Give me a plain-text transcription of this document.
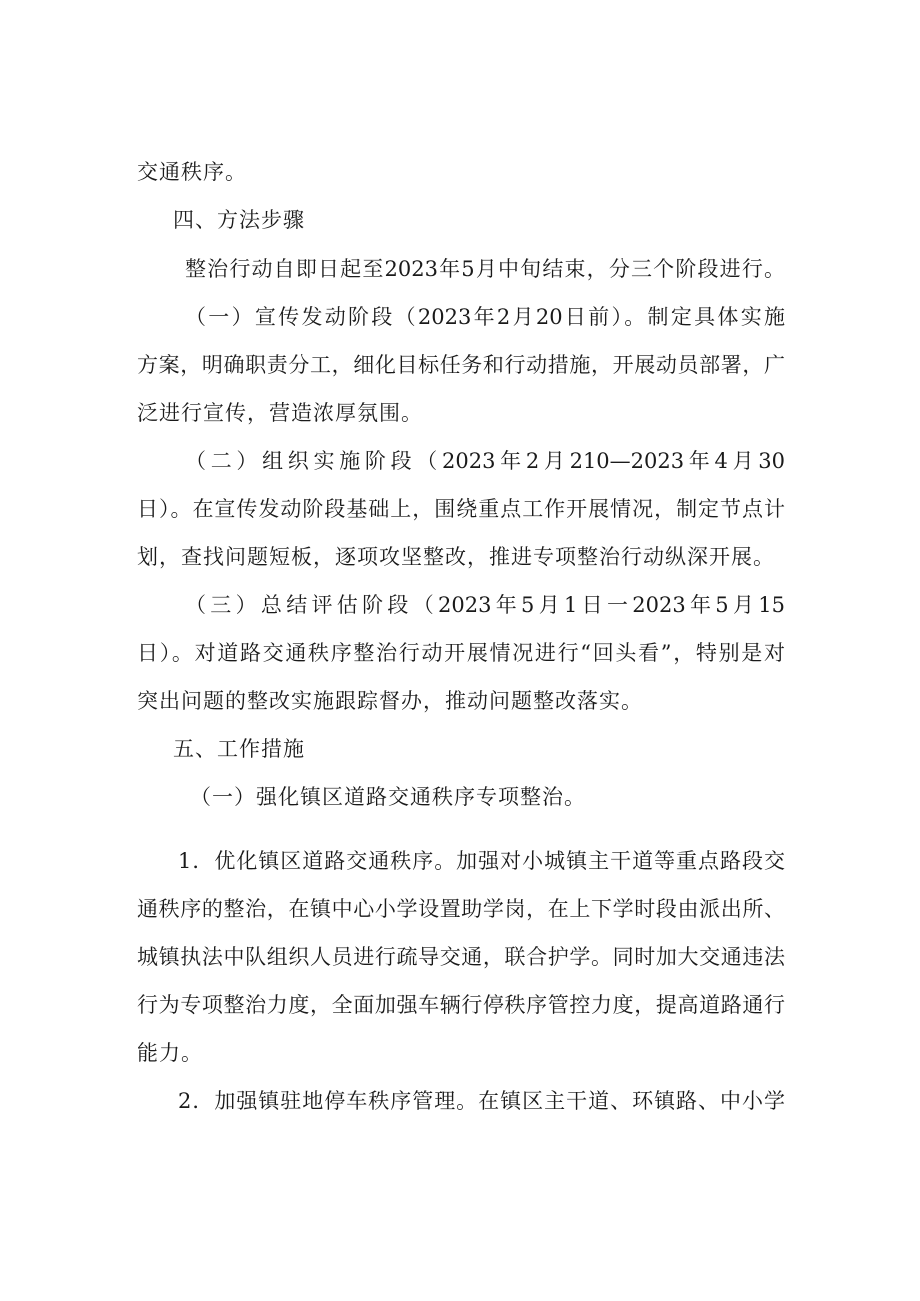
交通秩序。
四、方法步骤
整治行动自即日起至2023年5月中旬结束，分三个阶段进行。
（一）宣传发动阶段（2023年2月20日前）。制定具体实施
方案，明确职责分工，细化目标任务和行动措施，开展动员部署，广
泛进行宣传，营造浓厚氛围。
（二）组织实施阶段（2023年2月210—2023年4月30
日）。在宣传发动阶段基础上，围绕重点工作开展情况，制定节点计
划，查找问题短板，逐项攻坚整改，推进专项整治行动纵深开展。
（三）总结评估阶段（2023年5月1日一2023年5月15
日）。对道路交通秩序整治行动开展情况进行“回头看”，特别是对
突出问题的整改实施跟踪督办，推动问题整改落实。
五、工作措施
（一）强化镇区道路交通秩序专项整治。
1．优化镇区道路交通秩序。加强对小城镇主干道等重点路段交
通秩序的整治，在镇中心小学设置助学岗，在上下学时段由派出所、
城镇执法中队组织人员进行疏导交通，联合护学。同时加大交通违法
行为专项整治力度，全面加强车辆行停秩序管控力度，提高道路通行
能力。
2．加强镇驻地停车秩序管理。在镇区主干道、环镇路、中小学
